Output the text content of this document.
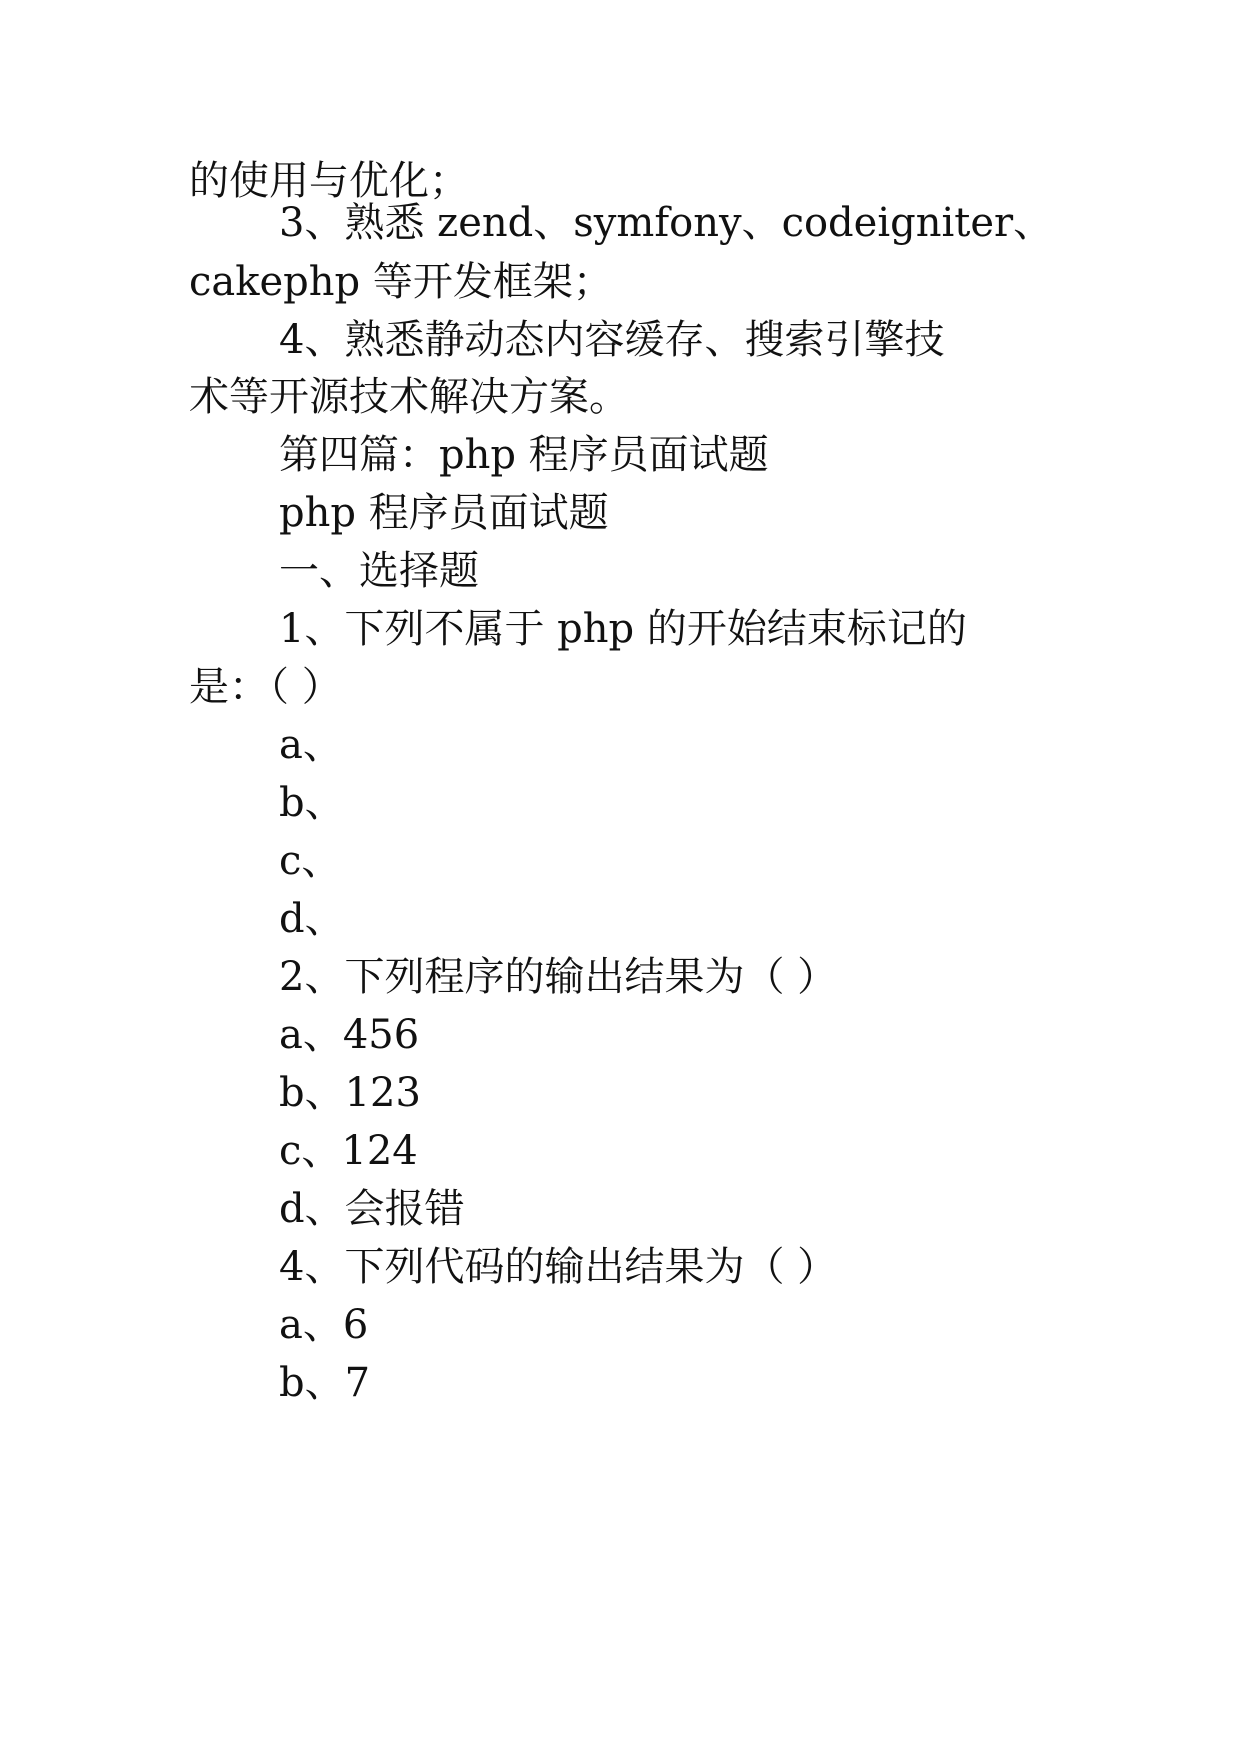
的使用与优化；
3、熟悉 zend、symfony、codeigniter、
cakephp 等开发框架；
4、熟悉静动态内容缓存、搜索引擎技
术等开源技术解决方案。
第四篇：php 程序员面试题
php 程序员面试题
一、选择题
1、下列不属于 php 的开始结束标记的
是：（ ）
a、
b、
c、
d、
2、下列程序的输出结果为（ ）
a、456
b、123
c、124
d、会报错
4、下列代码的输出结果为（ ）
a、6
b、7
